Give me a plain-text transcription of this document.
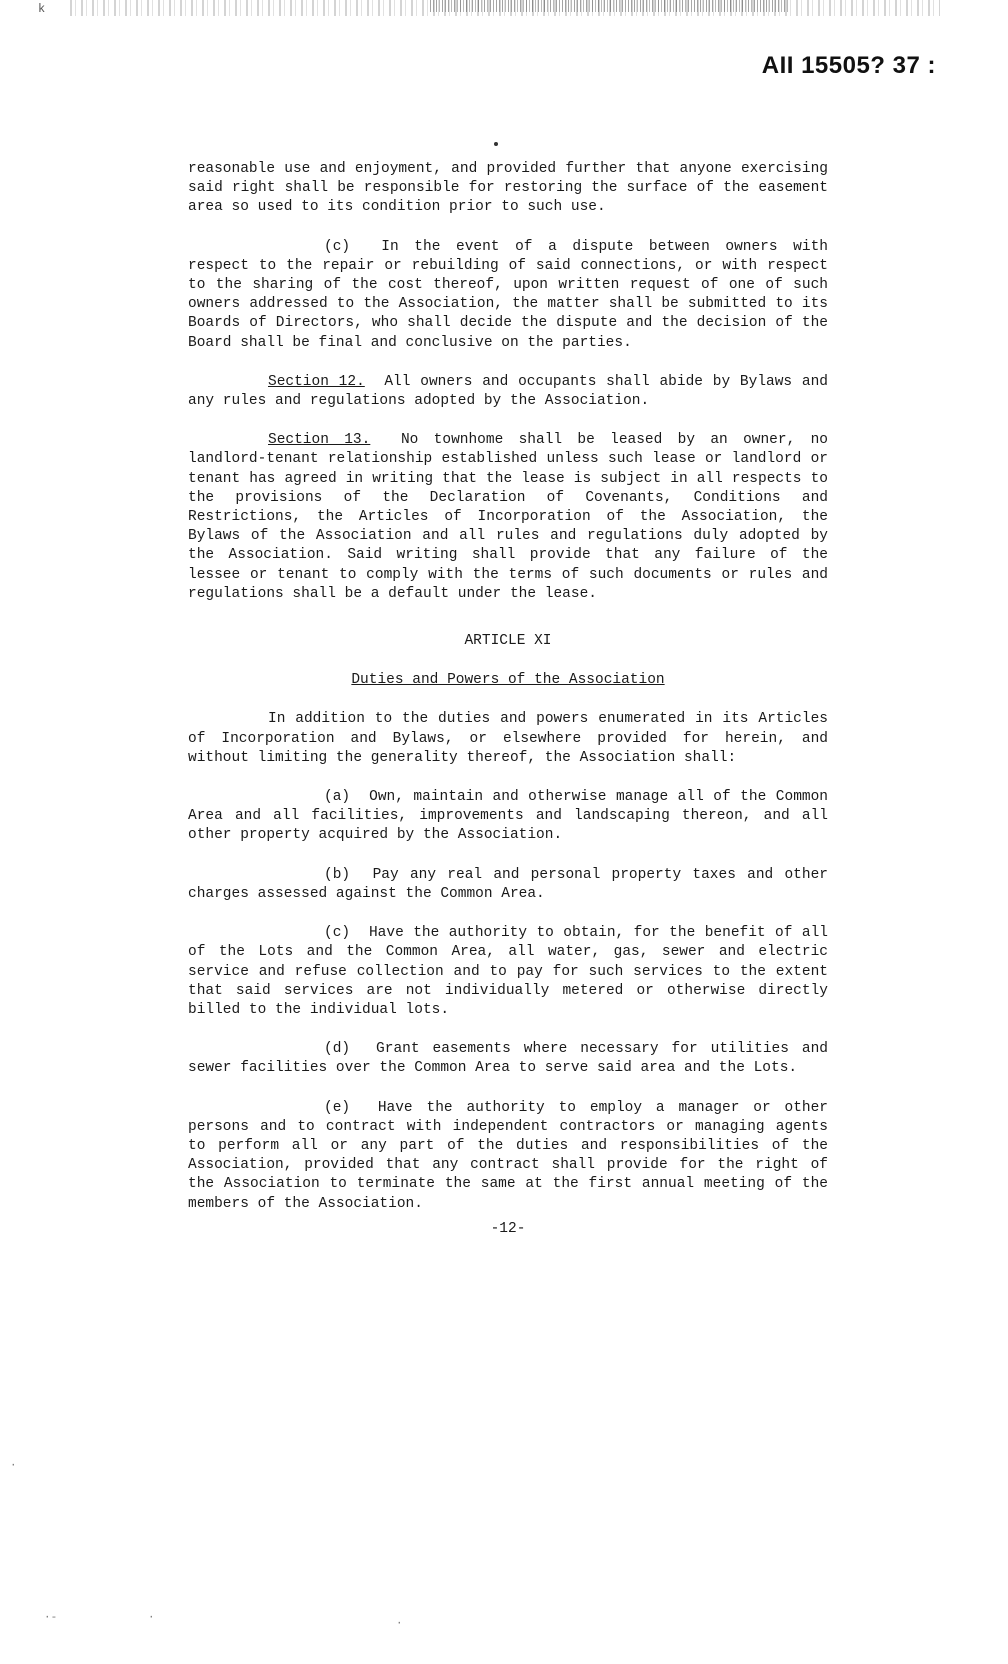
k
AII 15505? 37 :

reasonable use and enjoyment, and provided further that anyone exercising said right shall be responsible for restoring the surface of the easement area so used to its condition prior to such use.

(c) In the event of a dispute between owners with respect to the repair or rebuilding of said connections, or with respect to the sharing of the cost thereof, upon written request of one of such owners addressed to the Association, the matter shall be submitted to its Boards of Directors, who shall decide the dispute and the decision of the Board shall be final and conclusive on the parties.

Section 12. All owners and occupants shall abide by Bylaws and any rules and regulations adopted by the Association.

Section 13. No townhome shall be leased by an owner, no landlord-tenant relationship established unless such lease or landlord or tenant has agreed in writing that the lease is subject in all respects to the provisions of the Declaration of Covenants, Conditions and Restrictions, the Articles of Incorporation of the Association, the Bylaws of the Association and all rules and regulations duly adopted by the Association. Said writing shall provide that any failure of the lessee or tenant to comply with the terms of such documents or rules and regulations shall be a default under the lease.

ARTICLE XI
Duties and Powers of the Association

In addition to the duties and powers enumerated in its Articles of Incorporation and Bylaws, or elsewhere provided for herein, and without limiting the generality thereof, the Association shall:

(a) Own, maintain and otherwise manage all of the Common Area and all facilities, improvements and landscaping thereon, and all other property acquired by the Association.

(b) Pay any real and personal property taxes and other charges assessed against the Common Area.

(c) Have the authority to obtain, for the benefit of all of the Lots and the Common Area, all water, gas, sewer and electric service and refuse collection and to pay for such services to the extent that said services are not individually metered or otherwise directly billed to the individual lots.

(d) Grant easements where necessary for utilities and sewer facilities over the Common Area to serve said area and the Lots.

(e) Have the authority to employ a manager or other persons and to contract with independent contractors or managing agents to perform all or any part of the duties and responsibilities of the Association, provided that any contract shall provide for the right of the Association to terminate the same at the first annual meeting of the members of the Association.

-12-
·
·-	·	·
